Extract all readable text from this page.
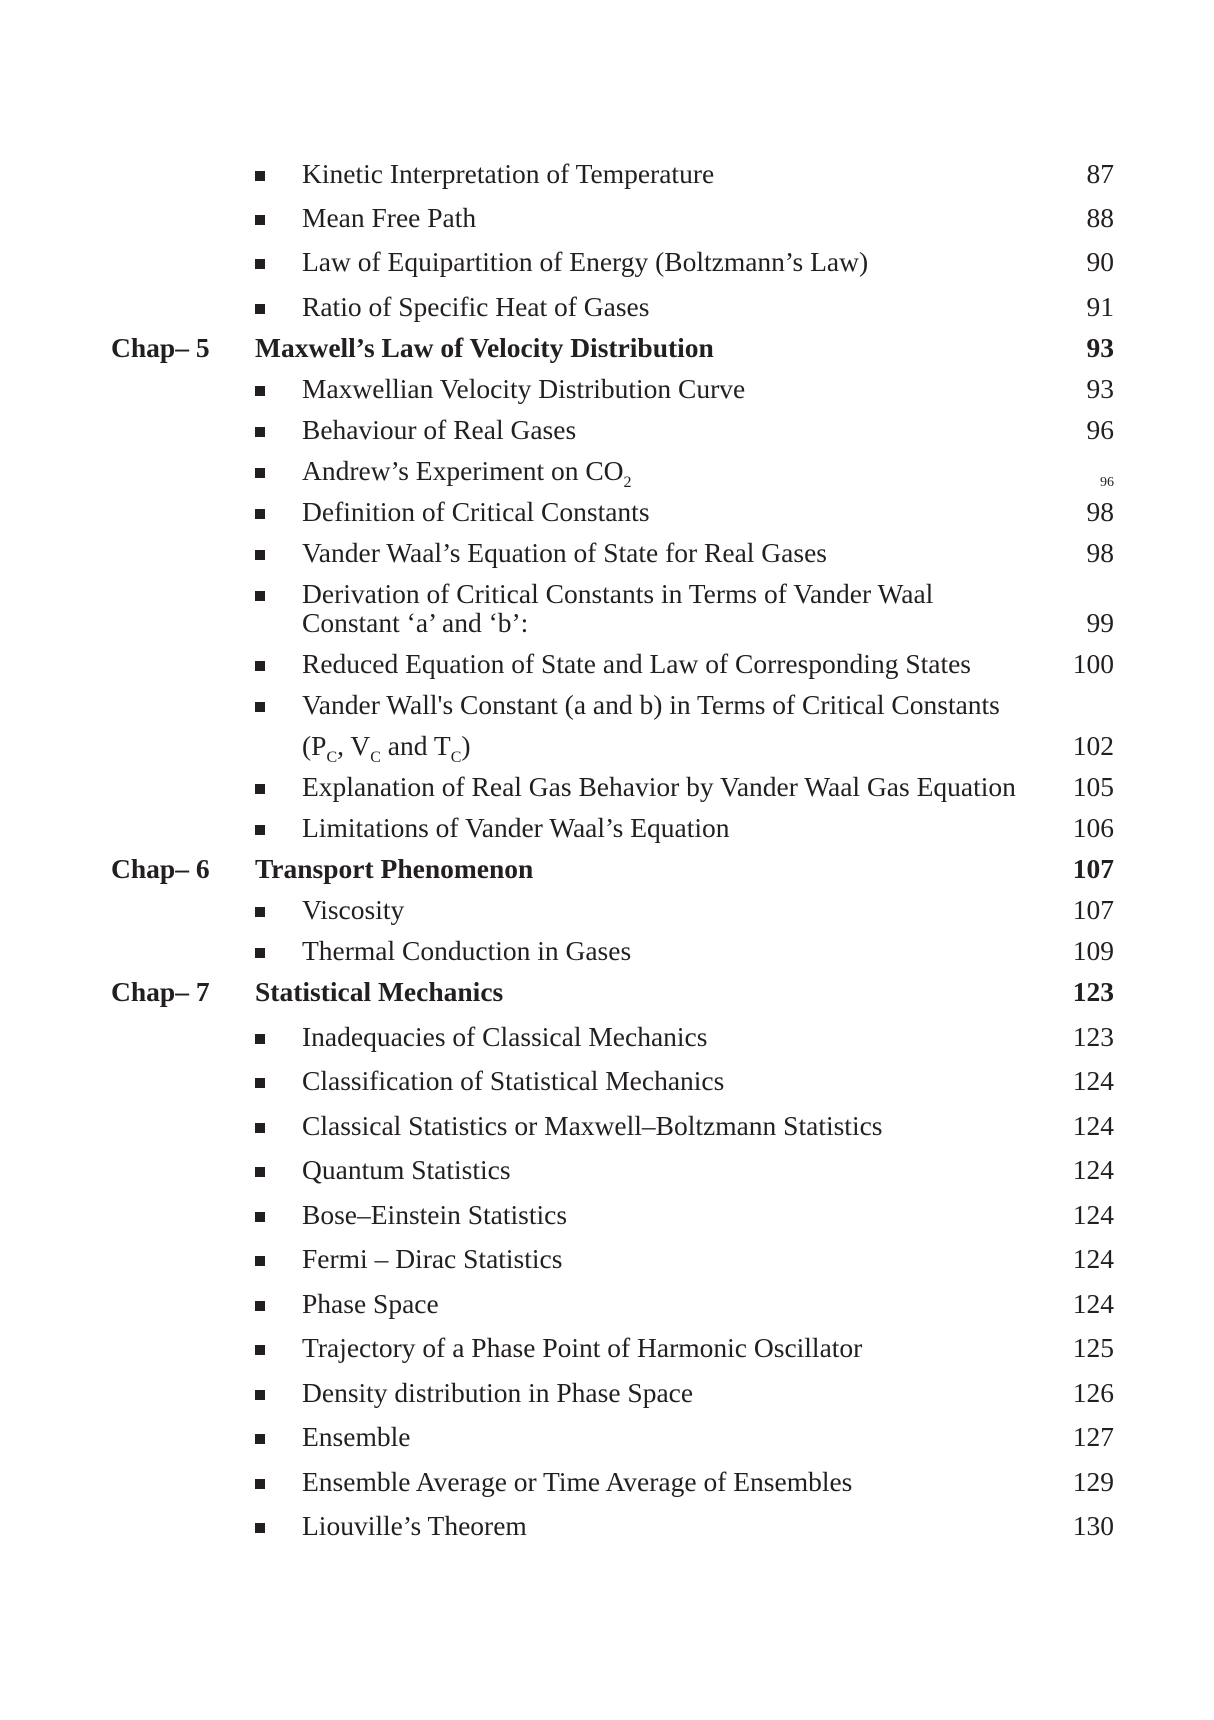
Kinetic Interpretation of Temperature	87
Mean Free Path	88
Law of Equipartition of Energy (Boltzmann’s Law)	90
Ratio of Specific Heat of Gases	91
Chap– 5 Maxwell’s Law of Velocity Distribution	93
Maxwellian Velocity Distribution Curve	93
Behaviour of Real Gases	96
Andrew’s Experiment on $CO_2$	96
Definition of Critical Constants	98
Vander Waal’s Equation of State for Real Gases	98
Derivation of Critical Constants in Terms of Vander Waal
Constant ‘a’ and ‘b’:	99
Reduced Equation of State and Law of Corresponding States	100
Vander Wall's Constant (a and b) in Terms of Critical Constants
($P_C$, $V_C$ and $T_C$)	102
Explanation of Real Gas Behavior by Vander Waal Gas Equation 105
Limitations of Vander Waal’s Equation	106
Chap– 6 Transport Phenomenon	107
Viscosity	107
Thermal Conduction in Gases	109
Chap– 7 Statistical Mechanics	123
Inadequacies of Classical Mechanics	123
Classification of Statistical Mechanics	124
Classical Statistics or Maxwell–Boltzmann Statistics	124
Quantum Statistics	124
Bose–Einstein Statistics	124
Fermi – Dirac Statistics	124
Phase Space	124
Trajectory of a Phase Point of Harmonic Oscillator	125
Density distribution in Phase Space	126
Ensemble	127
Ensemble Average or Time Average of Ensembles	129
Liouville’s Theorem	130
